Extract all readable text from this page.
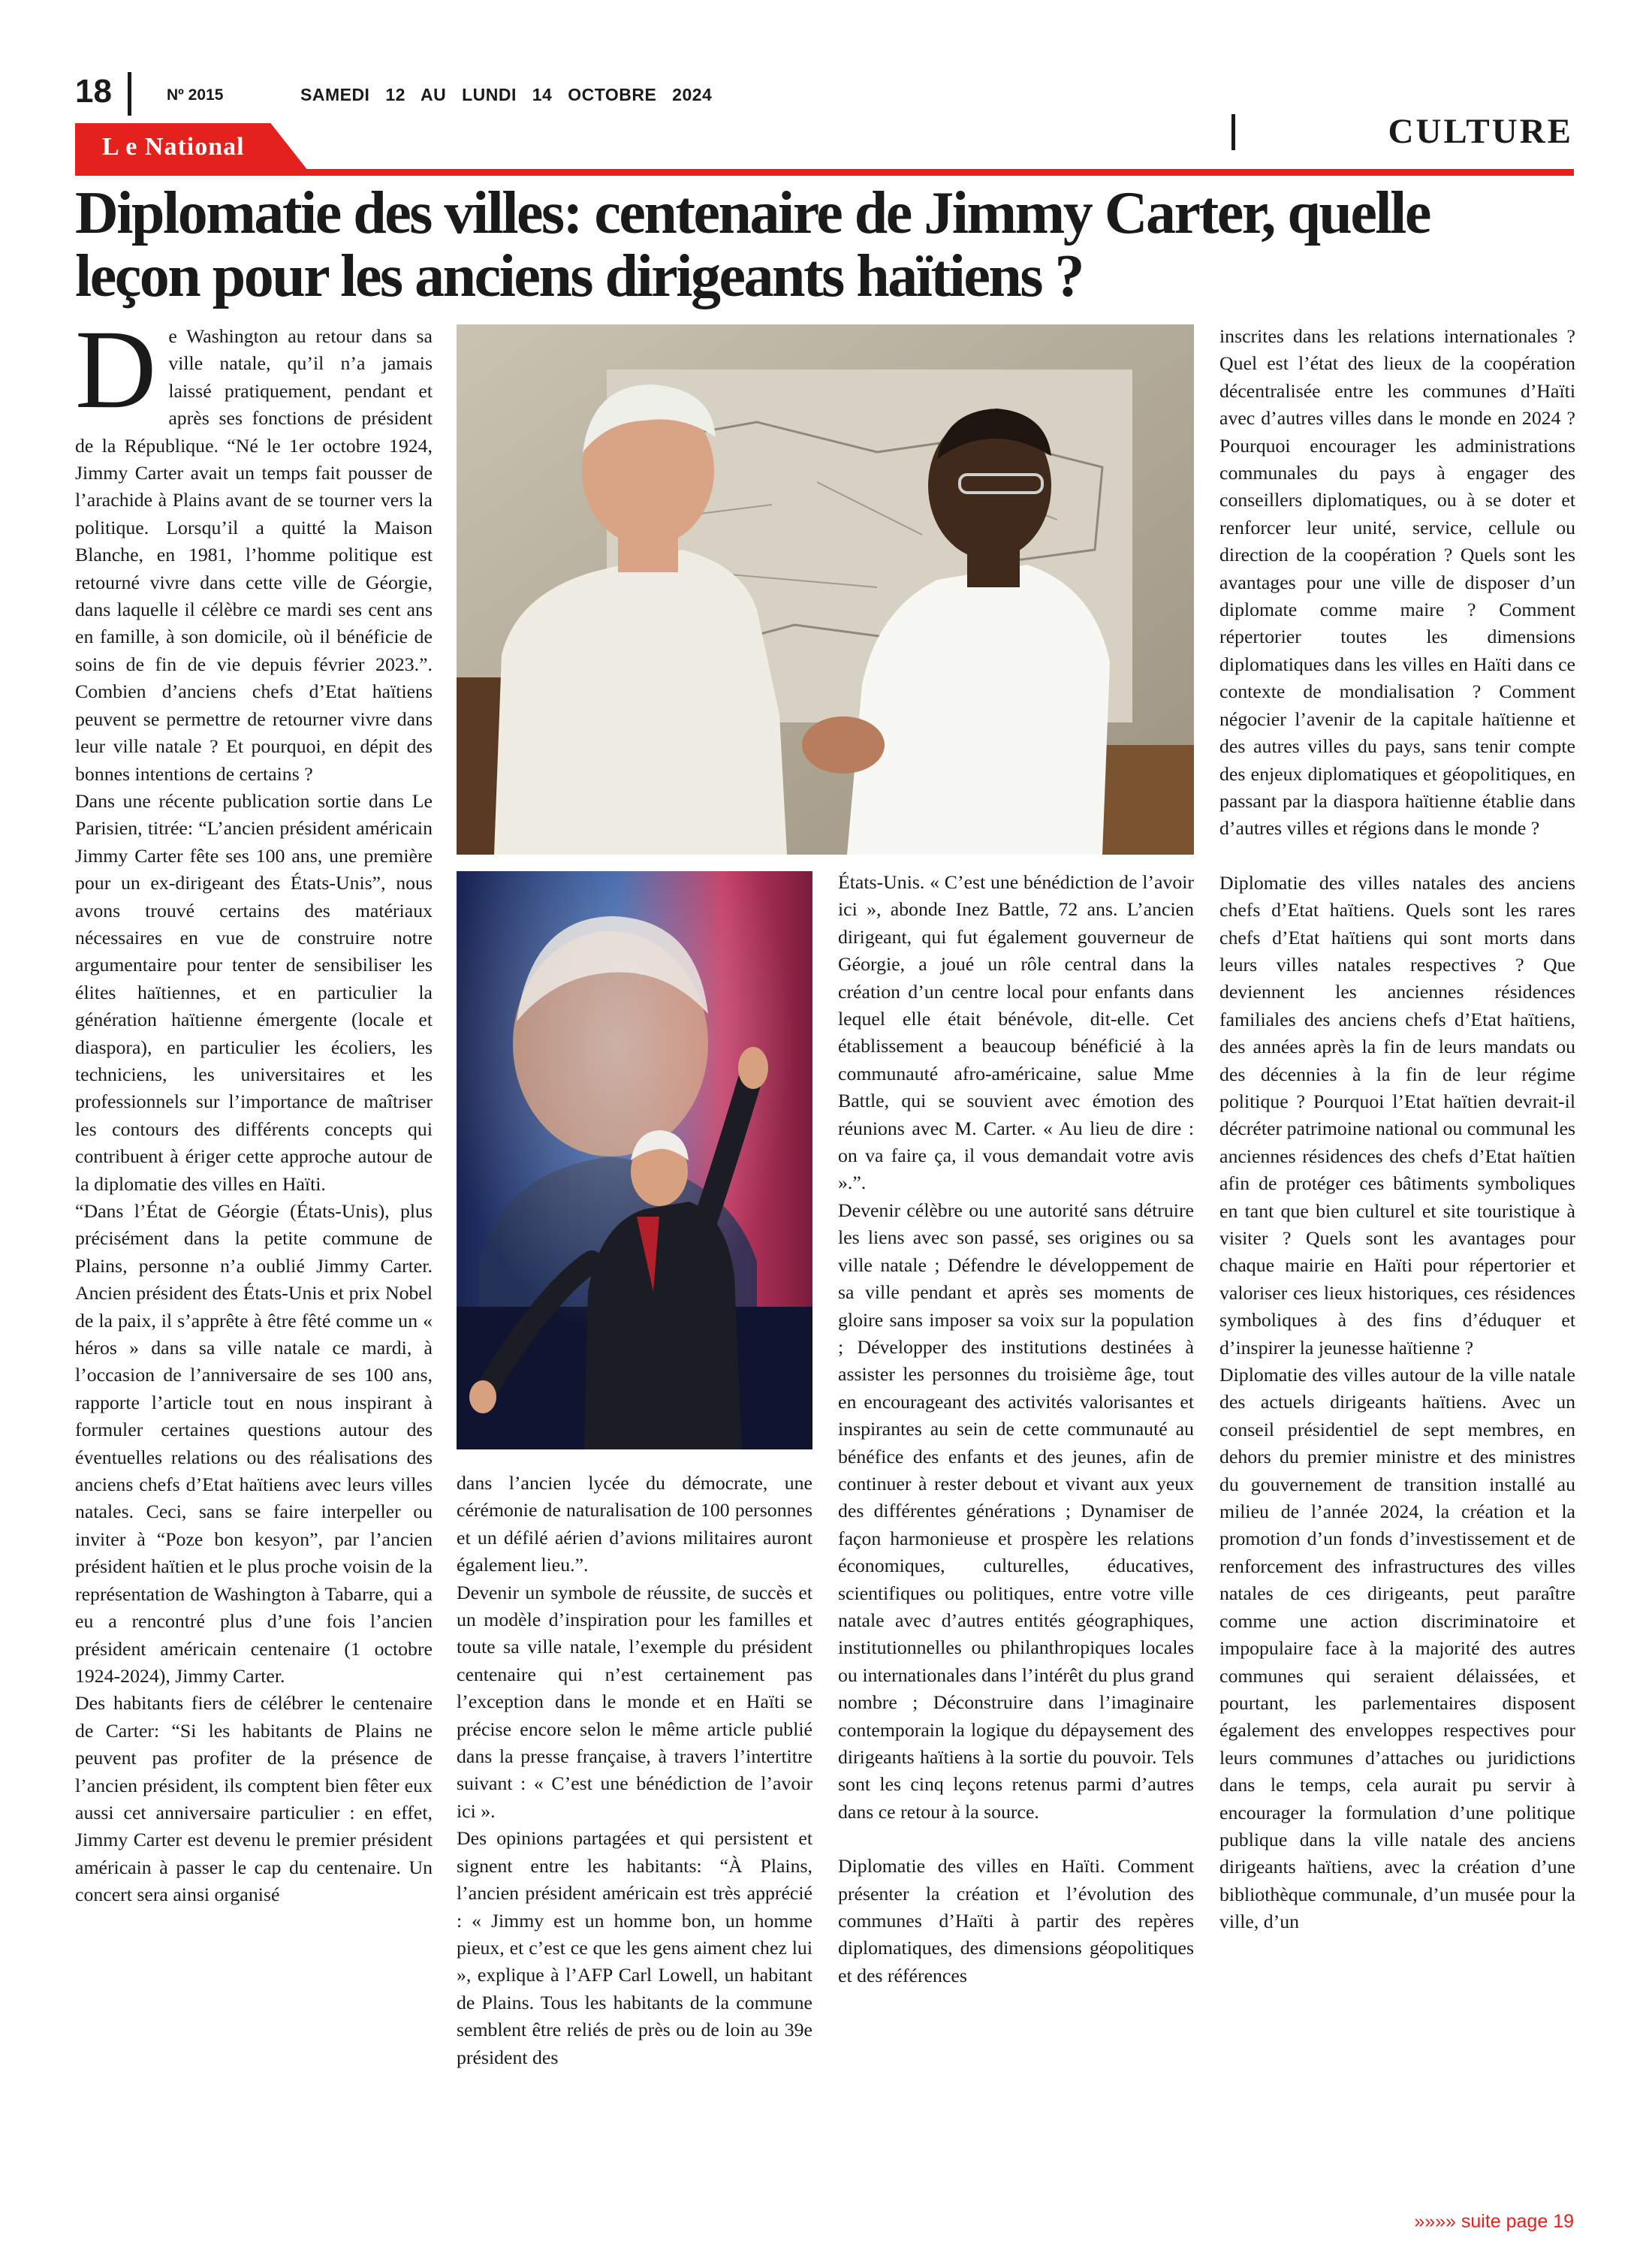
18	Nº 2015	SAMEDI 12 AU LUNDI 14 OCTOBRE 2024
CULTURE
L e National
Diplomatie des villes: centenaire de Jimmy Carter, quelle
leçon pour les anciens dirigeants haïtiens ?

De Washington au retour dans sa ville natale, qu’il n’a jamais laissé pratiquement, pendant et après ses fonctions de président de la République. “Né le 1er octobre 1924, Jimmy Carter avait un temps fait pousser de l’arachide à Plains avant de se tourner vers la politique. Lorsqu’il a quitté la Maison Blanche, en 1981, l’homme politique est retourné vivre dans cette ville de Géorgie, dans laquelle il célèbre ce mardi ses cent ans en famille, à son domicile, où il bénéficie de soins de fin de vie depuis février 2023.”. Combien d’anciens chefs d’Etat haïtiens peuvent se permettre de retourner vivre dans leur ville natale ? Et pourquoi, en dépit des bonnes intentions de certains ?

Dans une récente publication sortie dans Le Parisien, titrée: “L’ancien président américain Jimmy Carter fête ses 100 ans, une première pour un ex-dirigeant des États-Unis”, nous avons trouvé certains des matériaux nécessaires en vue de construire notre argumentaire pour tenter de sensibiliser les élites haïtiennes, et en particulier la génération haïtienne émergente (locale et diaspora), en particulier les écoliers, les techniciens, les universitaires et les professionnels sur l’importance de maîtriser les contours des différents concepts qui contribuent à ériger cette approche autour de la diplomatie des villes en Haïti.

“Dans l’État de Géorgie (États-Unis), plus précisément dans la petite commune de Plains, personne n’a oublié Jimmy Carter. Ancien président des États-Unis et prix Nobel de la paix, il s’apprête à être fêté comme un « héros » dans sa ville natale ce mardi, à l’occasion de l’anniversaire de ses 100 ans, rapporte l’article tout en nous inspirant à formuler certaines questions autour des éventuelles relations ou des réalisations des anciens chefs d’Etat haïtiens avec leurs villes natales. Ceci, sans se faire interpeller ou inviter à “Poze bon kesyon”, par l’ancien président haïtien et le plus proche voisin de la représentation de Washington à Tabarre, qui a eu a rencontré plus d’une fois l’ancien président américain centenaire (1 octobre 1924-2024), Jimmy Carter.

Des habitants fiers de célébrer le centenaire de Carter: “Si les habitants de Plains ne peuvent pas profiter de la présence de l’ancien président, ils comptent bien fêter eux aussi cet anniversaire particulier : en effet, Jimmy Carter est devenu le premier président américain à passer le cap du centenaire. Un concert sera ainsi organisé

dans l’ancien lycée du démocrate, une cérémonie de naturalisation de 100 personnes et un défilé aérien d’avions militaires auront également lieu.”.

Devenir un symbole de réussite, de succès et un modèle d’inspiration pour les familles et toute sa ville natale, l’exemple du président centenaire qui n’est certainement pas l’exception dans le monde et en Haïti se précise encore selon le même article publié dans la presse française, à travers l’intertitre suivant : « C’est une bénédiction de l’avoir ici ».

Des opinions partagées et qui persistent et signent entre les habitants: “À Plains, l’ancien président américain est très apprécié : « Jimmy est un homme bon, un homme pieux, et c’est ce que les gens aiment chez lui », explique à l’AFP Carl Lowell, un habitant de Plains. Tous les habitants de la commune semblent être reliés de près ou de loin au 39e président des

États-Unis. « C’est une bénédiction de l’avoir ici », abonde Inez Battle, 72 ans. L’ancien dirigeant, qui fut également gouverneur de Géorgie, a joué un rôle central dans la création d’un centre local pour enfants dans lequel elle était bénévole, dit-elle. Cet établissement a beaucoup bénéficié à la communauté afro-américaine, salue Mme Battle, qui se souvient avec émotion des réunions avec M. Carter. « Au lieu de dire : on va faire ça, il vous demandait votre avis ».”.

Devenir célèbre ou une autorité sans détruire les liens avec son passé, ses origines ou sa ville natale ; Défendre le développement de sa ville pendant et après ses moments de gloire sans imposer sa voix sur la population ; Développer des institutions destinées à assister les personnes du troisième âge, tout en encourageant des activités valorisantes et inspirantes au sein de cette communauté au bénéfice des enfants et des jeunes, afin de continuer à rester debout et vivant aux yeux des différentes générations ; Dynamiser de façon harmonieuse et prospère les relations économiques, culturelles, éducatives, scientifiques ou politiques, entre votre ville natale avec d’autres entités géographiques, institutionnelles ou philanthropiques locales ou internationales dans l’intérêt du plus grand nombre ; Déconstruire dans l’imaginaire contemporain la logique du dépaysement des dirigeants haïtiens à la sortie du pouvoir. Tels sont les cinq leçons retenus parmi d’autres dans ce retour à la source.

Diplomatie des villes en Haïti. Comment présenter la création et l’évolution des communes d’Haïti à partir des repères diplomatiques, des dimensions géopolitiques et des références

inscrites dans les relations internationales ? Quel est l’état des lieux de la coopération décentralisée entre les communes d’Haïti avec d’autres villes dans le monde en 2024 ? Pourquoi encourager les administrations communales du pays à engager des conseillers diplomatiques, ou à se doter et renforcer leur unité, service, cellule ou direction de la coopération ? Quels sont les avantages pour une ville de disposer d’un diplomate comme maire ? Comment répertorier toutes les dimensions diplomatiques dans les villes en Haïti dans ce contexte de mondialisation ? Comment négocier l’avenir de la capitale haïtienne et des autres villes du pays, sans tenir compte des enjeux diplomatiques et géopolitiques, en passant par la diaspora haïtienne établie dans d’autres villes et régions dans le monde ?

Diplomatie des villes natales des anciens chefs d’Etat haïtiens. Quels sont les rares chefs d’Etat haïtiens qui sont morts dans leurs villes natales respectives ? Que deviennent les anciennes résidences familiales des anciens chefs d’Etat haïtiens, des années après la fin de leurs mandats ou des décennies à la fin de leur régime politique ? Pourquoi l’Etat haïtien devrait-il décréter patrimoine national ou communal les anciennes résidences des chefs d’Etat haïtien afin de protéger ces bâtiments symboliques en tant que bien culturel et site touristique à visiter ? Quels sont les avantages pour chaque mairie en Haïti pour répertorier et valoriser ces lieux historiques, ces résidences symboliques à des fins d’éduquer et d’inspirer la jeunesse haïtienne ?

Diplomatie des villes autour de la ville natale des actuels dirigeants haïtiens. Avec un conseil présidentiel de sept membres, en dehors du premier ministre et des ministres du gouvernement de transition installé au milieu de l’année 2024, la création et la promotion d’un fonds d’investissement et de renforcement des infrastructures des villes natales de ces dirigeants, peut paraître comme une action discriminatoire et impopulaire face à la majorité des autres communes qui seraient délaissées, et pourtant, les parlementaires disposent également des enveloppes respectives pour leurs communes d’attaches ou juridictions dans le temps, cela aurait pu servir à encourager la formulation d’une politique publique dans la ville natale des anciens dirigeants haïtiens, avec la création d’une bibliothèque communale, d’un musée pour la ville, d’un

»»»» suite page 19
